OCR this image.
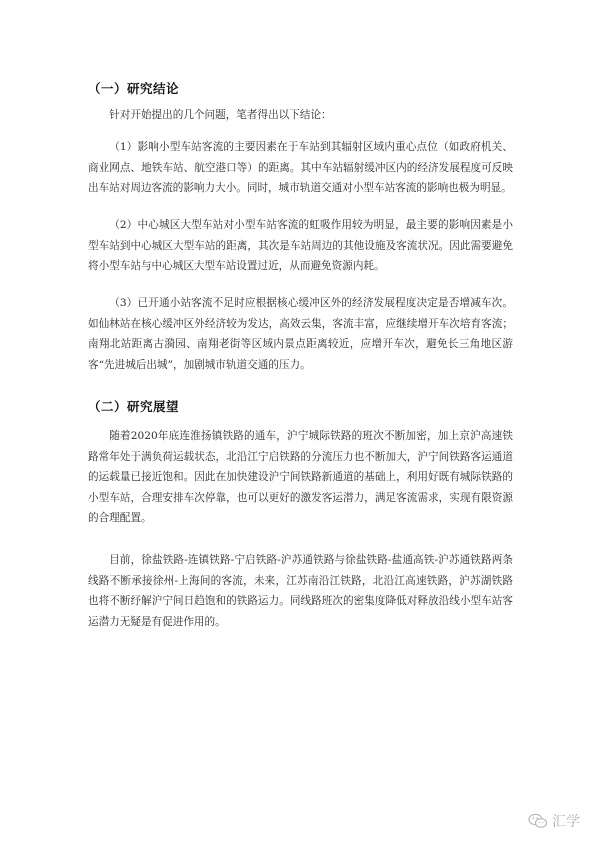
（一）研究结论

针对开始提出的几个问题，笔者得出以下结论：

（1）影响小型车站客流的主要因素在于车站到其辐射区域内重心点位（如政府机关、商业网点、地铁车站、航空港口等）的距离。其中车站辐射缓冲区内的经济发展程度可反映出车站对周边客流的影响力大小。同时，城市轨道交通对小型车站客流的影响也极为明显。

（2）中心城区大型车站对小型车站客流的虹吸作用较为明显，最主要的影响因素是小型车站到中心城区大型车站的距离，其次是车站周边的其他设施及客流状况。因此需要避免将小型车站与中心城区大型车站设置过近，从而避免资源内耗。

（3）已开通小站客流不足时应根据核心缓冲区外的经济发展程度决定是否增减车次。如仙林站在核心缓冲区外经济较为发达，高效云集，客流丰富，应继续增开车次培育客流；南翔北站距离古漪园、南翔老街等区域内景点距离较近，应增开车次，避免长三角地区游客“先进城后出城”，加剧城市轨道交通的压力。

（二）研究展望

随着2020年底连淮扬镇铁路的通车，沪宁城际铁路的班次不断加密，加上京沪高速铁路常年处于满负荷运载状态，北沿江宁启铁路的分流压力也不断加大，沪宁间铁路客运通道的运载量已接近饱和。因此在加快建设沪宁间铁路新通道的基础上，利用好既有城际铁路的小型车站，合理安排车次停靠，也可以更好的激发客运潜力，满足客流需求，实现有限资源的合理配置。

目前，徐盐铁路-连镇铁路-宁启铁路-沪苏通铁路与徐盐铁路-盐通高铁-沪苏通铁路两条线路不断承接徐州-上海间的客流，未来，江苏南沿江铁路，北沿江高速铁路，沪苏湖铁路也将不断纾解沪宁间日趋饱和的铁路运力。同线路班次的密集度降低对释放沿线小型车站客运潜力无疑是有促进作用的。

汇学
